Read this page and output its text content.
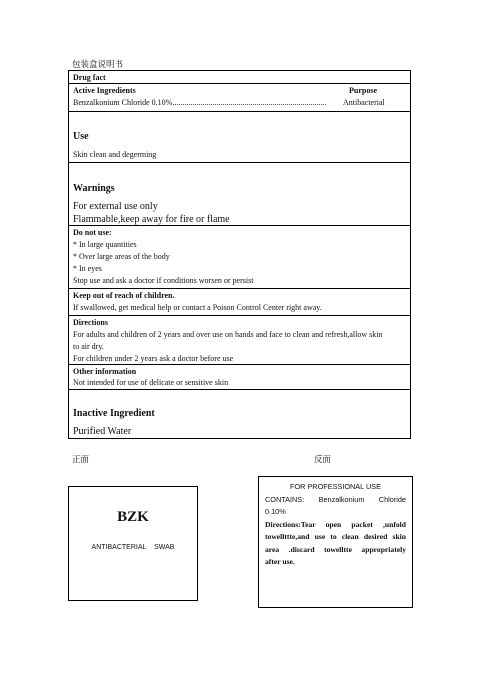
包装盒说明书
Drug fact
Active Ingredients	Purpose
Benzalkonium Chloride 0.10%.............................................................................	Antibacterial
Use
Skin clean and degerming
Warnings
For external use only
Flammable,keep away for fire or flame
Do not use:
* In large quantities
* Over large areas of the body
* In eyes
Stop use and ask a doctor if conditions worsen or persist
Keep out of reach of children.
If swallowed, get medical help or contact a Poison Control Center right away.
Directions
For adults and children of 2 years and over use on hands and face to clean and refresh,allow skin
to air dry.
For children under 2 years ask a doctor before use
Other information
Not intended for use of delicate or sensitive skin
Inactive Ingredient
Purified Water
正面	反面
BZK
ANTIBACTERIAL SWAB
FOR PROFESSIONAL USE
CONTAINS: Benzalkonium Chloride
0.10%
Directions:Tear open packet ,unfold
towellttte,and use to clean desired skin
area .discard towelltte appropriately
after use.
